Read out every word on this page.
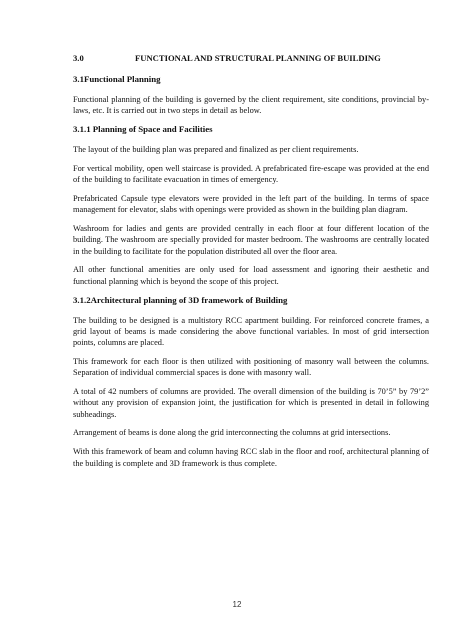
3.0	FUNCTIONAL AND STRUCTURAL PLANNING OF BUILDING
3.1Functional Planning

Functional planning of the building is governed by the client requirement, site conditions, provincial by-laws, etc. It is carried out in two steps in detail as below.

3.1.1 Planning of Space and Facilities

The layout of the building plan was prepared and finalized as per client requirements.

For vertical mobility, open well staircase is provided. A prefabricated fire-escape was provided at the end of the building to facilitate evacuation in times of emergency.

Prefabricated Capsule type elevators were provided in the left part of the building. In terms of space management for elevator, slabs with openings were provided as shown in the building plan diagram.

Washroom for ladies and gents are provided centrally in each floor at four different location of the building. The washroom are specially provided for master bedroom. The washrooms are centrally located in the building to facilitate for the population distributed all over the floor area.

All other functional amenities are only used for load assessment and ignoring their aesthetic and functional planning which is beyond the scope of this project.

3.1.2Architectural planning of 3D framework of Building

The building to be designed is a multistory RCC apartment building. For reinforced concrete frames, a grid layout of beams is made considering the above functional variables. In most of grid intersection points, columns are placed.

This framework for each floor is then utilized with positioning of masonry wall between the columns. Separation of individual commercial spaces is done with masonry wall.

A total of 42 numbers of columns are provided. The overall dimension of the building is 70’5” by 79’2” without any provision of expansion joint, the justification for which is presented in detail in following subheadings.

Arrangement of beams is done along the grid interconnecting the columns at grid intersections.

With this framework of beam and column having RCC slab in the floor and roof, architectural planning of the building is complete and 3D framework is thus complete.

12
